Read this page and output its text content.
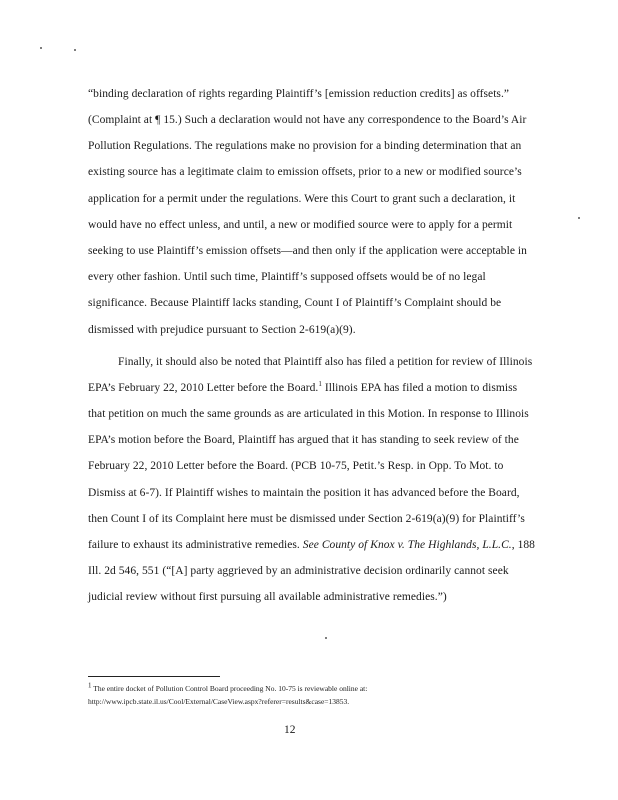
“binding declaration of rights regarding Plaintiff’s [emission reduction credits] as offsets.”
(Complaint at ¶ 15.) Such a declaration would not have any correspondence to the Board’s Air
Pollution Regulations. The regulations make no provision for a binding determination that an
existing source has a legitimate claim to emission offsets, prior to a new or modified source’s
application for a permit under the regulations. Were this Court to grant such a declaration, it
would have no effect unless, and until, a new or modified source were to apply for a permit
seeking to use Plaintiff’s emission offsets—and then only if the application were acceptable in
every other fashion. Until such time, Plaintiff’s supposed offsets would be of no legal
significance. Because Plaintiff lacks standing, Count I of Plaintiff’s Complaint should be
dismissed with prejudice pursuant to Section 2-619(a)(9).
Finally, it should also be noted that Plaintiff also has filed a petition for review of Illinois
EPA’s February 22, 2010 Letter before the Board.$^1$ Illinois EPA has filed a motion to dismiss
that petition on much the same grounds as are articulated in this Motion. In response to Illinois
EPA’s motion before the Board, Plaintiff has argued that it has standing to seek review of the
February 22, 2010 Letter before the Board. (PCB 10-75, Petit.’s Resp. in Opp. To Mot. to
Dismiss at 6-7). If Plaintiff wishes to maintain the position it has advanced before the Board,
then Count I of its Complaint here must be dismissed under Section 2-619(a)(9) for Plaintiff’s
failure to exhaust its administrative remedies. See County of Knox v. The Highlands, L.L.C., 188
Ill. 2d 546, 551 (“[A] party aggrieved by an administrative decision ordinarily cannot seek
judicial review without first pursuing all available administrative remedies.”)
$^1$ The entire docket of Pollution Control Board proceeding No. 10-75 is reviewable online at:
http://www.ipcb.state.il.us/Cool/External/CaseView.aspx?referer=results&case=13853.
12
